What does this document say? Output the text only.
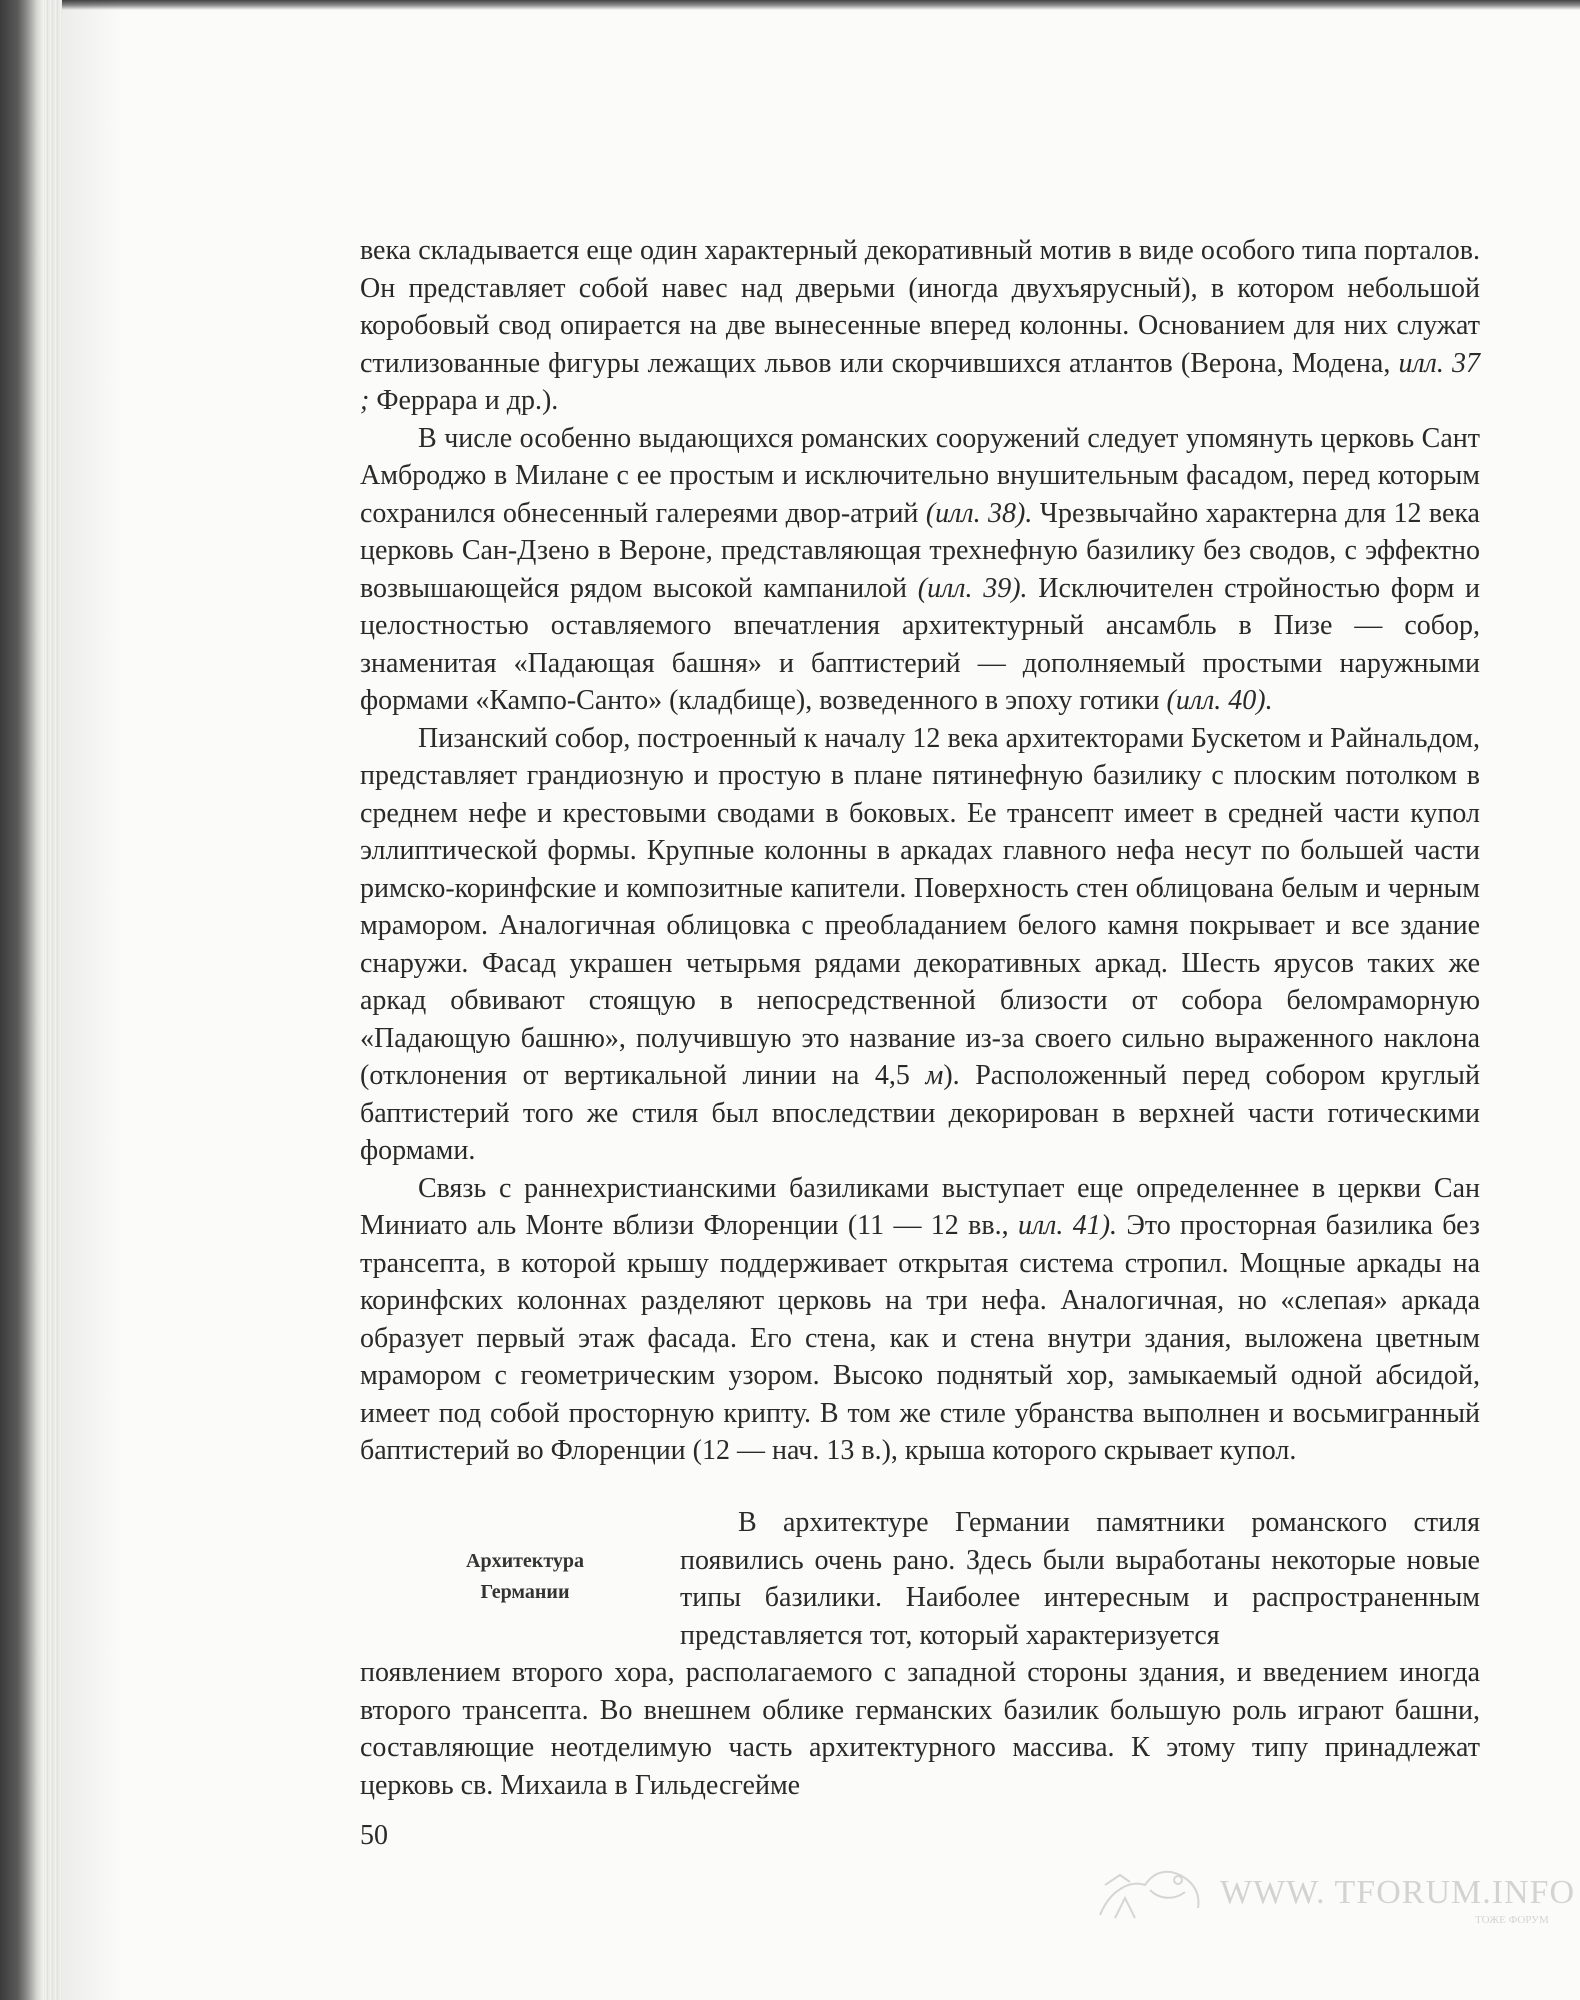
века складывается еще один характерный декоративный мотив в виде особого типа порталов. Он представляет собой навес над дверьми (иногда двухъярусный), в котором небольшой коробовый свод опирается на две вынесенные вперед колонны. Основанием для них служат стилизованные фигуры лежащих львов или скорчившихся атлантов (Верона, Модена, илл. 37 ; Феррара и др.).

В числе особенно выдающихся романских сооружений следует упомянуть церковь Сант Амброджо в Милане с ее простым и исключительно внушительным фасадом, перед которым сохранился обнесенный галереями двор-атрий (илл. 38). Чрезвычайно характерна для 12 века церковь Сан-Дзено в Вероне, представляющая трехнефную базилику без сводов, с эффектно возвышающейся рядом высокой кампанилой (илл. 39). Исключителен стройностью форм и целостностью оставляемого впечатления архитектурный ансамбль в Пизе — собор, знаменитая «Падающая башня» и баптистерий — дополняемый простыми наружными формами «Кампо-Санто» (кладбище), возведенного в эпоху готики (илл. 40).

Пизанский собор, построенный к началу 12 века архитекторами Бускетом и Райнальдом, представляет грандиозную и простую в плане пятинефную базилику с плоским потолком в среднем нефе и крестовыми сводами в боковых. Ее трансепт имеет в средней части купол эллиптической формы. Крупные колонны в аркадах главного нефа несут по большей части римско-коринфские и композитные капители. Поверхность стен облицована белым и черным мрамором. Аналогичная облицовка с преобладанием белого камня покрывает и все здание снаружи. Фасад украшен четырьмя рядами декоративных аркад. Шесть ярусов таких же аркад обвивают стоящую в непосредственной близости от собора беломраморную «Падающую башню», получившую это название из-за своего сильно выраженного наклона (отклонения от вертикальной линии на 4,5 м). Расположенный перед собором круглый баптистерий того же стиля был впоследствии декорирован в верхней части готическими формами.

Связь с раннехристианскими базиликами выступает еще определеннее в церкви Сан Миниато аль Монте вблизи Флоренции (11 — 12 вв., илл. 41). Это просторная базилика без трансепта, в которой крышу поддерживает открытая система стропил. Мощные аркады на коринфских колоннах разделяют церковь на три нефа. Аналогичная, но «слепая» аркада образует первый этаж фасада. Его стена, как и стена внутри здания, выложена цветным мрамором с геометрическим узором. Высоко поднятый хор, замыкаемый одной абсидой, имеет под собой просторную крипту. В том же стиле убранства выполнен и восьмигранный баптистерий во Флоренции (12 — нач. 13 в.), крыша которого скрывает купол.

Архитектура
Германии
В архитектуре Германии памятники романского стиля появились очень рано. Здесь были выработаны некоторые новые типы базилики. Наиболее интересным и распространенным представляется тот, который характеризуется
появлением второго хора, располагаемого с западной стороны здания, и введением иногда второго трансепта. Во внешнем облике германских базилик большую роль играют башни, составляющие неотделимую часть архитектурного массива. К этому типу принадлежат церковь св. Михаила в Гильдесгейме
50
WWW. TFORUM.INFO
ТОЖЕ ФОРУМ
